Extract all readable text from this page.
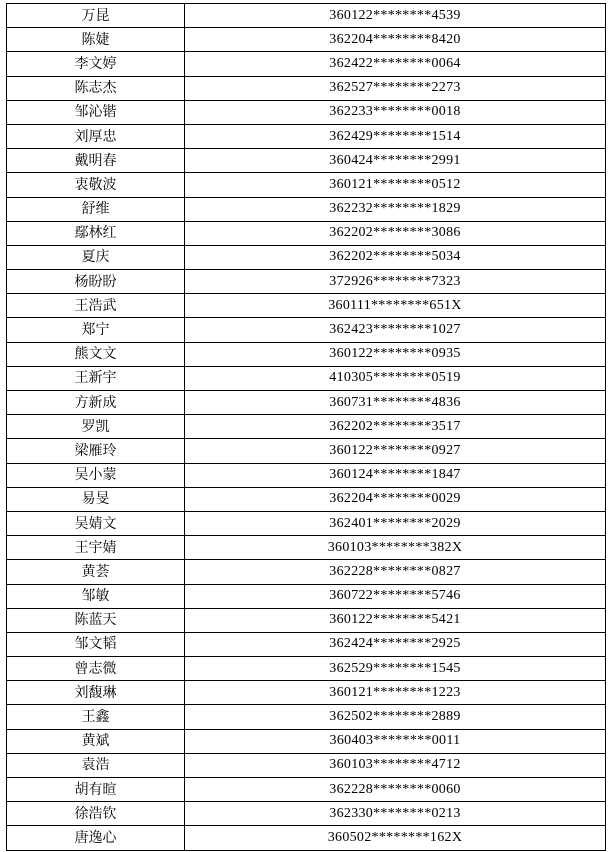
万昆	360122********4539
陈婕	362204********8420
李文婷	362422********0064
陈志杰	362527********2273
邹沁锴	362233********0018
刘厚忠	362429********1514
戴明春	360424********2991
衷敬波	360121********0512
舒维	362232********1829
鄢林红	362202********3086
夏庆	362202********5034
杨盼盼	372926********7323
王浩武	360111********651X
郑宁	362423********1027
熊文文	360122********0935
王新宇	410305********0519
方新成	360731********4836
罗凯	362202********3517
梁雁玲	360122********0927
吴小蒙	360124********1847
易旻	362204********0029
吴婧文	362401********2029
王宇婧	360103********382X
黄荟	362228********0827
邹敏	360722********5746
陈蓝天	360122********5421
邹文韬	362424********2925
曾志微	362529********1545
刘馥琳	360121********1223
王鑫	362502********2889
黄斌	360403********0011
袁浩	360103********4712
胡有暄	362228********0060
徐浩钦	362330********0213
唐逸心	360502********162X
